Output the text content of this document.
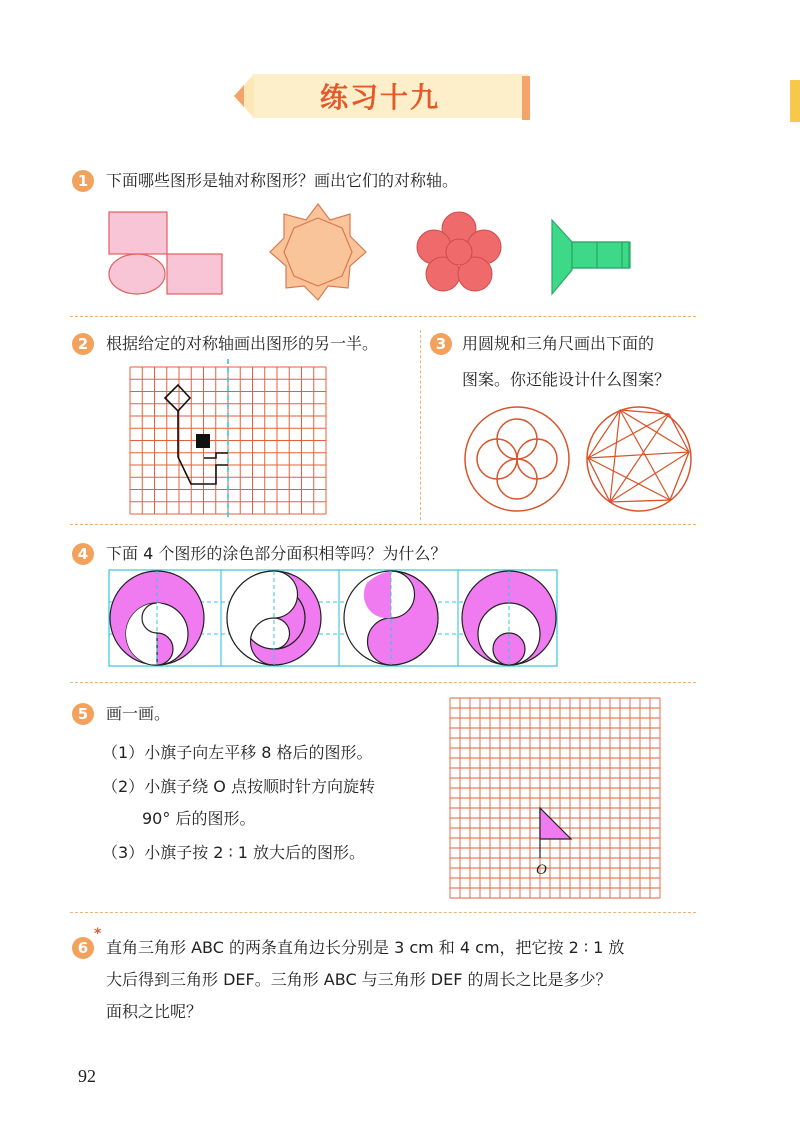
练习十九
1	下面哪些图形是轴对称图形？画出它们的对称轴。
2	根据给定的对称轴画出图形的另一半。	3 用圆规和三角尺画出下面的
图案。你还能设计什么图案？
4	下面 4 个图形的涂色部分面积相等吗？为什么？
5	画一画。
（1）小旗子向左平移 8 格后的图形。
（2）小旗子绕 O 点按顺时针方向旋转
90° 后的图形。
（3）小旗子按 2 ∶ 1 放大后的图形。
O
6
*
直角三角形 ABC 的两条直角边长分别是 3 cm 和 4 cm，把它按 2 ∶ 1 放
大后得到三角形 DEF。三角形 ABC 与三角形 DEF 的周长之比是多少？
面积之比呢？
92
